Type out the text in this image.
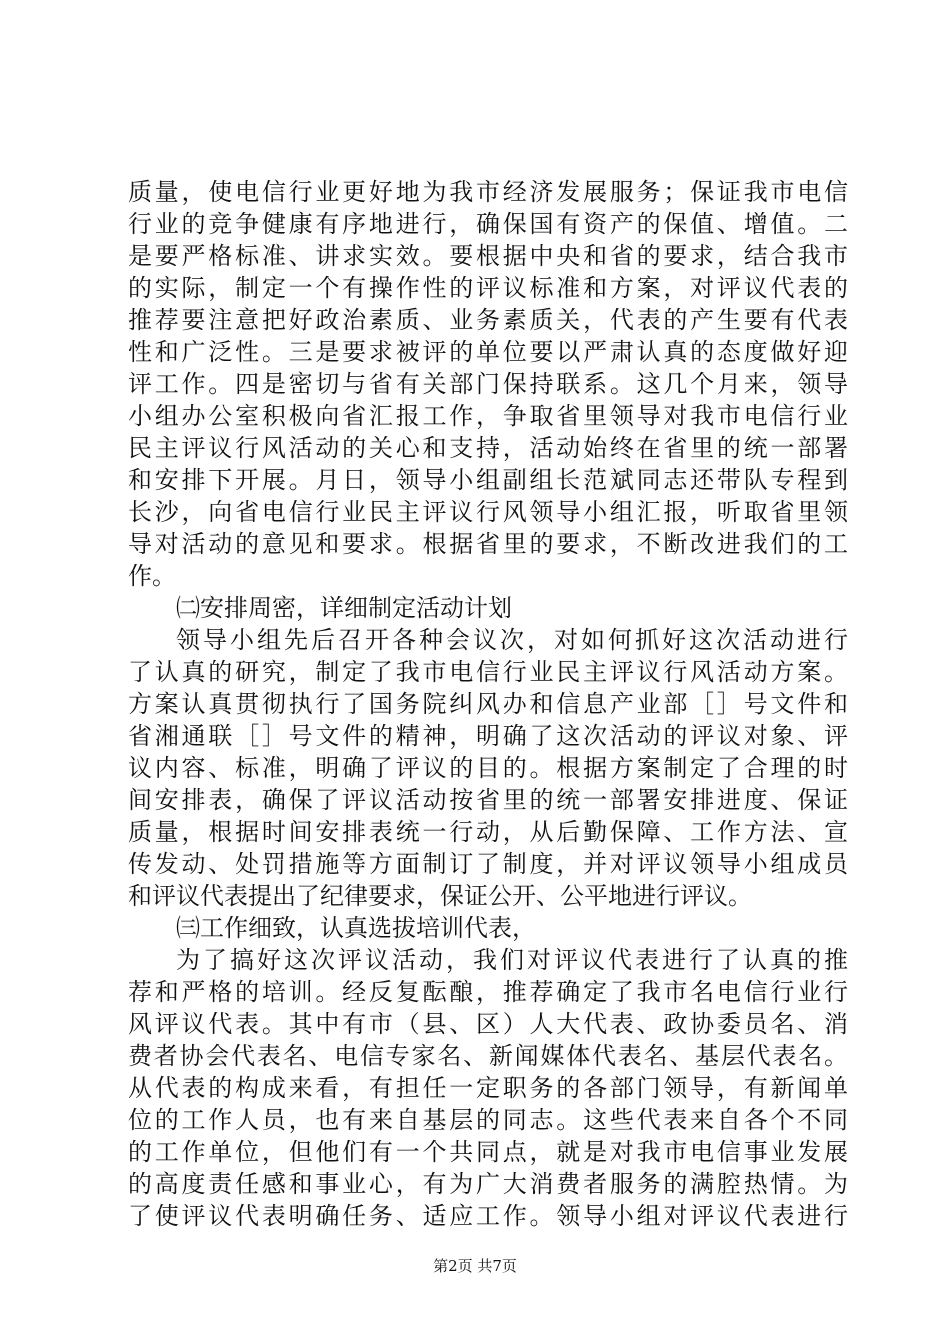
质量，使电信行业更好地为我市经济发展服务；保证我市电信
行业的竞争健康有序地进行，确保国有资产的保值、增值。二
是要严格标准、讲求实效。要根据中央和省的要求，结合我市
的实际，制定一个有操作性的评议标准和方案，对评议代表的
推荐要注意把好政治素质、业务素质关，代表的产生要有代表
性和广泛性。三是要求被评的单位要以严肃认真的态度做好迎
评工作。四是密切与省有关部门保持联系。这几个月来，领导
小组办公室积极向省汇报工作，争取省里领导对我市电信行业
民主评议行风活动的关心和支持，活动始终在省里的统一部署
和安排下开展。月日，领导小组副组长范斌同志还带队专程到
长沙，向省电信行业民主评议行风领导小组汇报，听取省里领
导对活动的意见和要求。根据省里的要求，不断改进我们的工
作。
㈡安排周密，详细制定活动计划
领导小组先后召开各种会议次，对如何抓好这次活动进行
了认真的研究，制定了我市电信行业民主评议行风活动方案。
方案认真贯彻执行了国务院纠风办和信息产业部［］号文件和
省湘通联［］号文件的精神，明确了这次活动的评议对象、评
议内容、标准，明确了评议的目的。根据方案制定了合理的时
间安排表，确保了评议活动按省里的统一部署安排进度、保证
质量，根据时间安排表统一行动，从后勤保障、工作方法、宣
传发动、处罚措施等方面制订了制度，并对评议领导小组成员
和评议代表提出了纪律要求，保证公开、公平地进行评议。
㈢工作细致，认真选拔培训代表，
为了搞好这次评议活动，我们对评议代表进行了认真的推
荐和严格的培训。经反复酝酿，推荐确定了我市名电信行业行
风评议代表。其中有市（县、区）人大代表、政协委员名、消
费者协会代表名、电信专家名、新闻媒体代表名、基层代表名。
从代表的构成来看，有担任一定职务的各部门领导，有新闻单
位的工作人员，也有来自基层的同志。这些代表来自各个不同
的工作单位，但他们有一个共同点，就是对我市电信事业发展
的高度责任感和事业心，有为广大消费者服务的满腔热情。为
了使评议代表明确任务、适应工作。领导小组对评议代表进行
第2页 共7页
